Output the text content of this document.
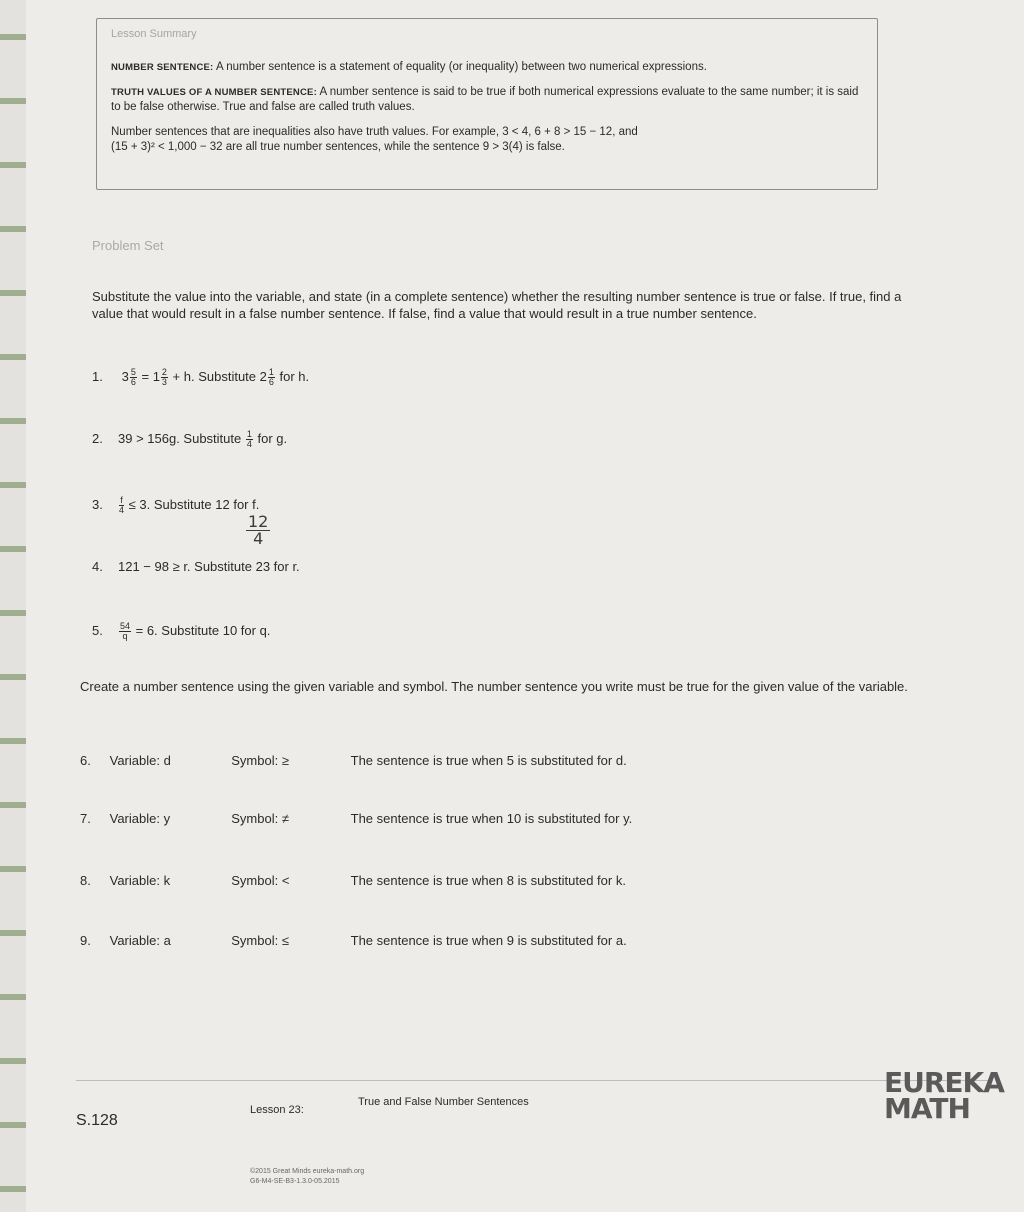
Lesson Summary

NUMBER SENTENCE: A number sentence is a statement of equality (or inequality) between two numerical expressions.

TRUTH VALUES OF A NUMBER SENTENCE: A number sentence is said to be true if both numerical expressions evaluate to the same number; it is said to be false otherwise. True and false are called truth values.

Number sentences that are inequalities also have truth values. For example, 3 < 4, 6 + 8 > 15 − 12, and
(15 + 3)² < 1,000 − 32 are all true number sentences, while the sentence 9 > 3(4) is false.

Problem Set
Substitute the value into the variable, and state (in a complete sentence) whether the resulting number sentence is true or false. If true, find a value that would result in a false number sentence. If false, find a value that would result in a true number sentence.
1. $3 \frac{5}{6} = 1 \frac{2}{3} + h$. Substitute $2 \frac{1}{6}$ for h.
2. 39 > 156g. Substitute $\frac{1}{4}$ for g.
3. $\frac{f}{4} \le 3$. Substitute 12 for f.
$\frac{12}{4}$
4. 121 − 98 ≥ r. Substitute 23 for r.
5. $\frac{54}{q} = 6$. Substitute 10 for q.
Create a number sentence using the given variable and symbol. The number sentence you write must be true for the given value of the variable.
6. Variable: d	Symbol: ≥	The sentence is true when 5 is substituted for d.
7. Variable: y	Symbol: ≠	The sentence is true when 10 is substituted for y.
8. Variable: k	Symbol: <	The sentence is true when 8 is substituted for k.
9. Variable: a	Symbol: ≤	The sentence is true when 9 is substituted for a.
S.128
Lesson 23:
True and False Number Sentences
©2015 Great Minds eureka-math.org
G6-M4-SE-B3-1.3.0-05.2015
EUREKA
MATH
